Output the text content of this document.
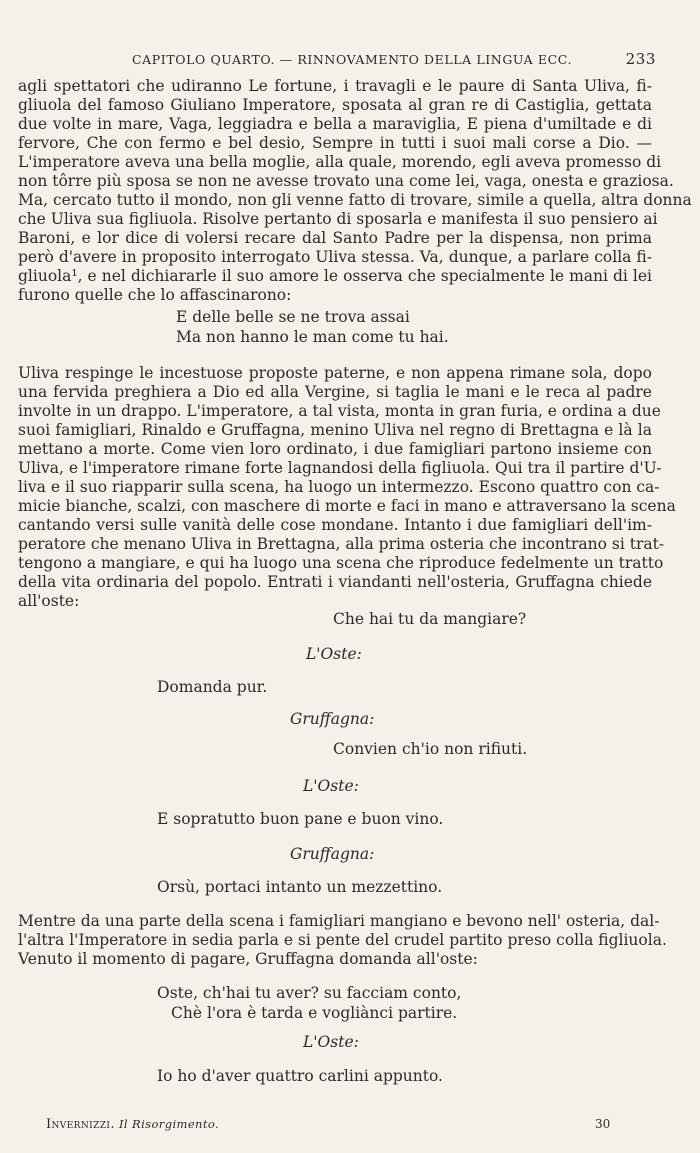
CAPITOLO QUARTO. — RINNOVAMENTO DELLA LINGUA ECC.	233
agli spettatori che udiranno Le fortune, i travagli e le paure di Santa Uliva, fi-
gliuola del famoso Giuliano Imperatore, sposata al gran re di Castiglia, gettata
due volte in mare, Vaga, leggiadra e bella a maraviglia, E piena d'umiltade e di
fervore, Che con fermo e bel desio, Sempre in tutti i suoi mali corse a Dio. —
L'imperatore aveva una bella moglie, alla quale, morendo, egli aveva promesso di
non tôrre più sposa se non ne avesse trovato una come lei, vaga, onesta e graziosa.
Ma, cercato tutto il mondo, non gli venne fatto di trovare, simile a quella, altra donna
che Uliva sua figliuola. Risolve pertanto di sposarla e manifesta il suo pensiero ai
Baroni, e lor dice di volersi recare dal Santo Padre per la dispensa, non prima
però d'avere in proposito interrogato Uliva stessa. Va, dunque, a parlare colla fi-
gliuola¹, e nel dichiararle il suo amore le osserva che specialmente le mani di lei
furono quelle che lo affascinarono:
E delle belle se ne trova assai
Ma non hanno le man come tu hai.
Uliva respinge le incestuose proposte paterne, e non appena rimane sola, dopo
una fervida preghiera a Dio ed alla Vergine, si taglia le mani e le reca al padre
involte in un drappo. L'imperatore, a tal vista, monta in gran furia, e ordina a due
suoi famigliari, Rinaldo e Gruffagna, menino Uliva nel regno di Brettagna e là la
mettano a morte. Come vien loro ordinato, i due famigliari partono insieme con
Uliva, e l'imperatore rimane forte lagnandosi della figliuola. Qui tra il partire d'U-
liva e il suo riapparir sulla scena, ha luogo un intermezzo. Escono quattro con ca-
micie bianche, scalzi, con maschere di morte e faci in mano e attraversano la scena
cantando versi sulle vanità delle cose mondane. Intanto i due famigliari dell'im-
peratore che menano Uliva in Brettagna, alla prima osteria che incontrano si trat-
tengono a mangiare, e qui ha luogo una scena che riproduce fedelmente un tratto
della vita ordinaria del popolo. Entrati i viandanti nell'osteria, Gruffagna chiede
all'oste:
Che hai tu da mangiare?
L'Oste:
Domanda pur.
Gruffagna:
Convien ch'io non rifiuti.
L'Oste:
E sopratutto buon pane e buon vino.
Gruffagna:
Orsù, portaci intanto un mezzettino.
Mentre da una parte della scena i famigliari mangiano e bevono nell' osteria, dal-
l'altra l'Imperatore in sedia parla e si pente del crudel partito preso colla figliuola.
Venuto il momento di pagare, Gruffagna domanda all'oste:
Oste, ch'hai tu aver? su facciam conto,
Chè l'ora è tarda e vogliànci partire.
L'Oste:
Io ho d'aver quattro carlini appunto.
Invernizzi. Il Risorgimento.	30
